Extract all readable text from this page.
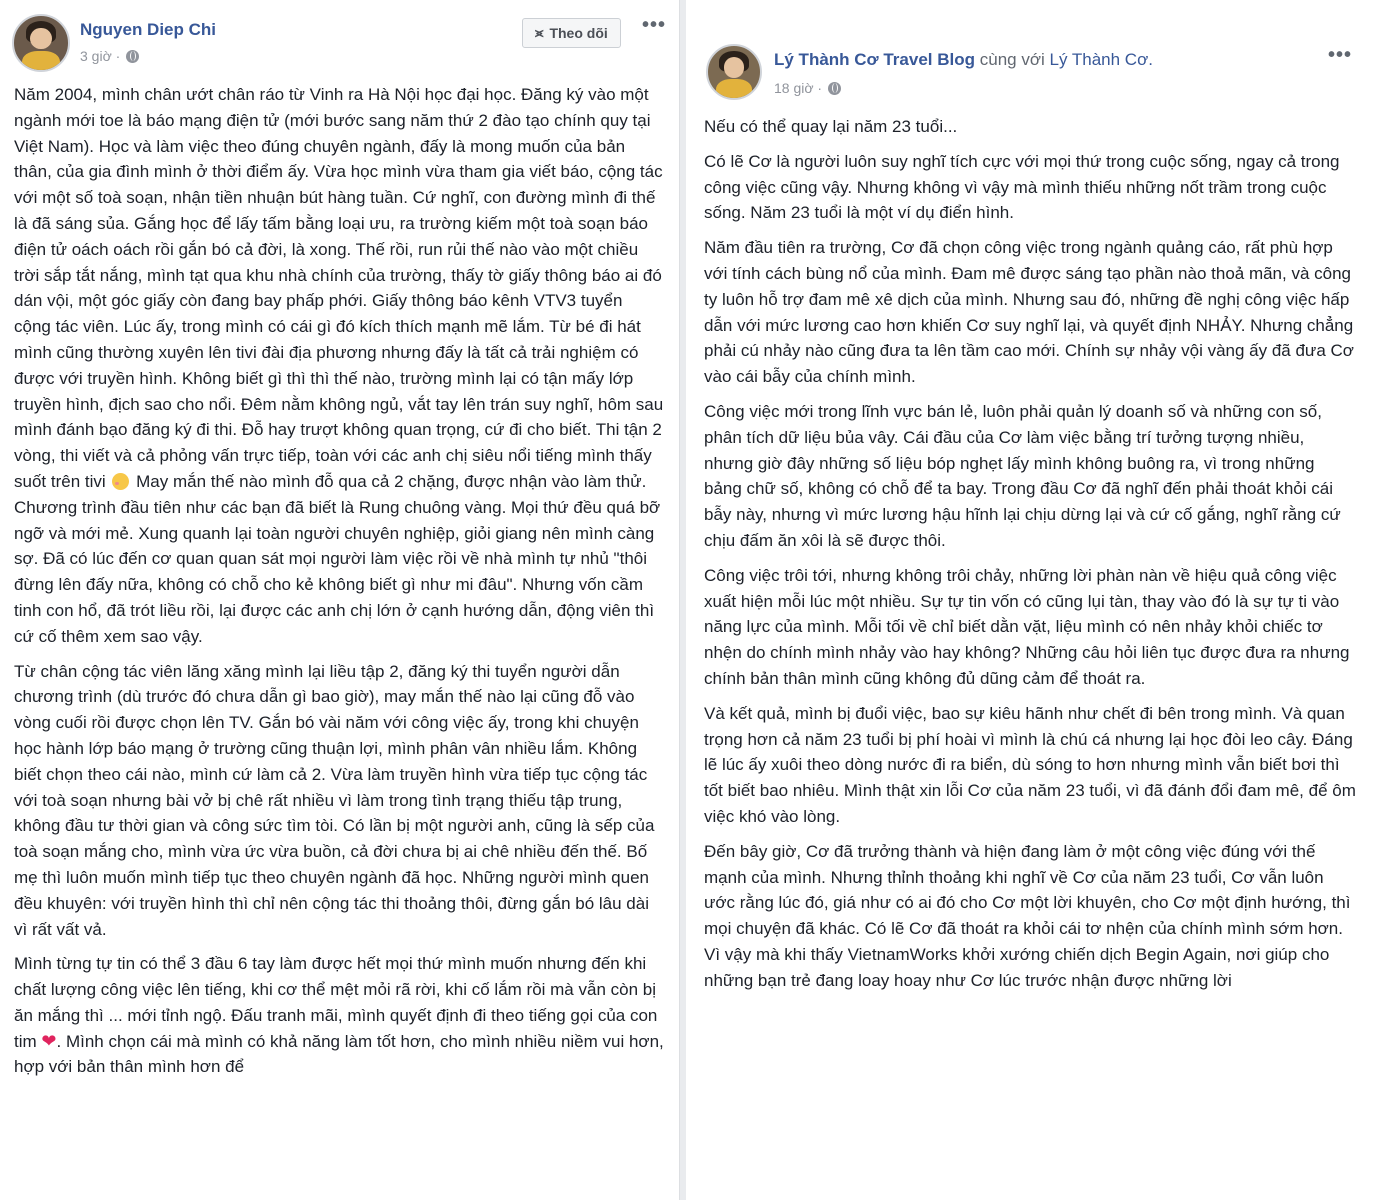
Nguyen Diep Chi
3 giờ ·
⪤ Theo dõi •••

Năm 2004, mình chân ướt chân ráo từ Vinh ra Hà Nội học đại học. Đăng ký vào một ngành mới toe là báo mạng điện tử (mới bước sang năm thứ 2 đào tạo chính quy tại Việt Nam). Học và làm việc theo đúng chuyên ngành, đấy là mong muốn của bản thân, của gia đình mình ở thời điểm ấy. Vừa học mình vừa tham gia viết báo, cộng tác với một số toà soạn, nhận tiền nhuận bút hàng tuần. Cứ nghĩ, con đường mình đi thế là đã sáng sủa. Gắng học để lấy tấm bằng loại ưu, ra trường kiếm một toà soạn báo điện tử oách oách rồi gắn bó cả đời, là xong. Thế rồi, run rủi thế nào vào một chiều trời sắp tắt nắng, mình tạt qua khu nhà chính của trường, thấy tờ giấy thông báo ai đó dán vội, một góc giấy còn đang bay phấp phới. Giấy thông báo kênh VTV3 tuyển cộng tác viên. Lúc ấy, trong mình có cái gì đó kích thích mạnh mẽ lắm. Từ bé đi hát mình cũng thường xuyên lên tivi đài địa phương nhưng đấy là tất cả trải nghiệm có được với truyền hình. Không biết gì thì thì thế nào, trường mình lại có tận mấy lớp truyền hình, địch sao cho nổi. Đêm nằm không ngủ, vắt tay lên trán suy nghĩ, hôm sau mình đánh bạo đăng ký đi thi. Đỗ hay trượt không quan trọng, cứ đi cho biết. Thi tận 2 vòng, thi viết và cả phỏng vấn trực tiếp, toàn với các anh chị siêu nổi tiếng mình thấy suốt trên tivi May mắn thế nào mình đỗ qua cả 2 chặng, được nhận vào làm thử. Chương trình đầu tiên như các bạn đã biết là Rung chuông vàng. Mọi thứ đều quá bỡ ngỡ và mới mẻ. Xung quanh lại toàn người chuyên nghiệp, giỏi giang nên mình càng sợ. Đã có lúc đến cơ quan quan sát mọi người làm việc rồi về nhà mình tự nhủ "thôi đừng lên đấy nữa, không có chỗ cho kẻ không biết gì như mi đâu". Nhưng vốn cầm tinh con hổ, đã trót liều rồi, lại được các anh chị lớn ở cạnh hướng dẫn, động viên thì cứ cố thêm xem sao vậy.

Từ chân cộng tác viên lăng xăng mình lại liều tập 2, đăng ký thi tuyển người dẫn chương trình (dù trước đó chưa dẫn gì bao giờ), may mắn thế nào lại cũng đỗ vào vòng cuối rồi được chọn lên TV. Gắn bó vài năm với công việc ấy, trong khi chuyện học hành lớp báo mạng ở trường cũng thuận lợi, mình phân vân nhiều lắm. Không biết chọn theo cái nào, mình cứ làm cả 2. Vừa làm truyền hình vừa tiếp tục cộng tác với toà soạn nhưng bài vở bị chê rất nhiều vì làm trong tình trạng thiếu tập trung, không đầu tư thời gian và công sức tìm tòi. Có lần bị một người anh, cũng là sếp của toà soạn mắng cho, mình vừa ức vừa buồn, cả đời chưa bị ai chê nhiều đến thế. Bố mẹ thì luôn muốn mình tiếp tục theo chuyên ngành đã học. Những người mình quen đều khuyên: với truyền hình thì chỉ nên cộng tác thi thoảng thôi, đừng gắn bó lâu dài vì rất vất vả.

Mình từng tự tin có thể 3 đầu 6 tay làm được hết mọi thứ mình muốn nhưng đến khi chất lượng công việc lên tiếng, khi cơ thể mệt mỏi rã rời, khi cố lắm rồi mà vẫn còn bị ăn mắng thì ... mới tỉnh ngộ. Đấu tranh mãi, mình quyết định đi theo tiếng gọi của con tim ❤. Mình chọn cái mà mình có khả năng làm tốt hơn, cho mình nhiều niềm vui hơn, hợp với bản thân mình hơn để

Lý Thành Cơ Travel Blog cùng với Lý Thành Cơ.
18 giờ ·
•••

Nếu có thể quay lại năm 23 tuổi...

Có lẽ Cơ là người luôn suy nghĩ tích cực với mọi thứ trong cuộc sống, ngay cả trong công việc cũng vậy. Nhưng không vì vậy mà mình thiếu những nốt trầm trong cuộc sống. Năm 23 tuổi là một ví dụ điển hình.

Năm đầu tiên ra trường, Cơ đã chọn công việc trong ngành quảng cáo, rất phù hợp với tính cách bùng nổ của mình. Đam mê được sáng tạo phần nào thoả mãn, và công ty luôn hỗ trợ đam mê xê dịch của mình. Nhưng sau đó, những đề nghị công việc hấp dẫn với mức lương cao hơn khiến Cơ suy nghĩ lại, và quyết định NHẢY. Nhưng chẳng phải cú nhảy nào cũng đưa ta lên tầm cao mới. Chính sự nhảy vội vàng ấy đã đưa Cơ vào cái bẫy của chính mình.

Công việc mới trong lĩnh vực bán lẻ, luôn phải quản lý doanh số và những con số, phân tích dữ liệu bủa vây. Cái đầu của Cơ làm việc bằng trí tưởng tượng nhiều, nhưng giờ đây những số liệu bóp nghẹt lấy mình không buông ra, vì trong những bảng chữ số, không có chỗ để ta bay. Trong đầu Cơ đã nghĩ đến phải thoát khỏi cái bẫy này, nhưng vì mức lương hậu hĩnh lại chịu dừng lại và cứ cố gắng, nghĩ rằng cứ chịu đấm ăn xôi là sẽ được thôi.

Công việc trôi tới, nhưng không trôi chảy, những lời phàn nàn về hiệu quả công việc xuất hiện mỗi lúc một nhiều. Sự tự tin vốn có cũng lụi tàn, thay vào đó là sự tự ti vào năng lực của mình. Mỗi tối về chỉ biết dằn vặt, liệu mình có nên nhảy khỏi chiếc tơ nhện do chính mình nhảy vào hay không? Những câu hỏi liên tục được đưa ra nhưng chính bản thân mình cũng không đủ dũng cảm để thoát ra.

Và kết quả, mình bị đuổi việc, bao sự kiêu hãnh như chết đi bên trong mình. Và quan trọng hơn cả năm 23 tuổi bị phí hoài vì mình là chú cá nhưng lại học đòi leo cây. Đáng lẽ lúc ấy xuôi theo dòng nước đi ra biển, dù sóng to hơn nhưng mình vẫn biết bơi thì tốt biết bao nhiêu. Mình thật xin lỗi Cơ của năm 23 tuổi, vì đã đánh đổi đam mê, để ôm việc khó vào lòng.

Đến bây giờ, Cơ đã trưởng thành và hiện đang làm ở một công việc đúng với thế mạnh của mình. Nhưng thỉnh thoảng khi nghĩ về Cơ của năm 23 tuổi, Cơ vẫn luôn ước rằng lúc đó, giá như có ai đó cho Cơ một lời khuyên, cho Cơ một định hướng, thì mọi chuyện đã khác. Có lẽ Cơ đã thoát ra khỏi cái tơ nhện của chính mình sớm hơn. Vì vậy mà khi thấy VietnamWorks khởi xướng chiến dịch Begin Again, nơi giúp cho những bạn trẻ đang loay hoay như Cơ lúc trước nhận được những lời
